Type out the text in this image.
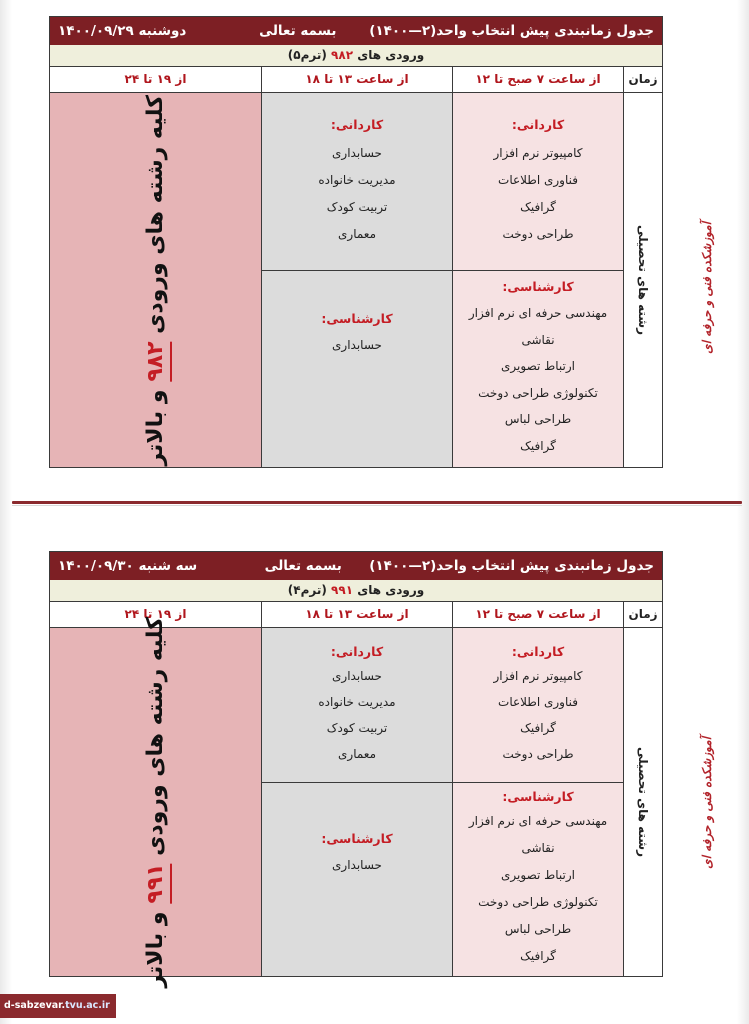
جدول زمانبندی پیش انتخاب واحد(۲—۱۴۰۰)
بسمه تعالی
دوشنبه ۱۴۰۰/۰۹/۲۹
ورودی های ۹۸۲ (ترم۵)
زمان
از ساعت ۷ صبح تا ۱۲
از ساعت ۱۳ تا ۱۸
از ۱۹ تا ۲۴
رشته های تحصیلی
کاردانی:
کامپیوتر نرم افزار
فناوری اطلاعات
گرافیک
طراحی دوخت
کارشناسی:
مهندسی حرفه ای نرم افزار
نقاشی
ارتباط تصویری
تکنولوژی طراحی دوخت
طراحی لباس
گرافیک
کاردانی:
حسابداری
مدیریت خانواده
تربیت کودک
معماری
کارشناسی:
حسابداری
کلیه رشته های ورودی ۹۸۲ و بالاتر
آموزشکده فنی و حرفه ای
جدول زمانبندی پیش انتخاب واحد(۲—۱۴۰۰)
بسمه تعالی
سه شنبه ۱۴۰۰/۰۹/۳۰
ورودی های ۹۹۱ (ترم۴)
زمان
از ساعت ۷ صبح تا ۱۲
از ساعت ۱۳ تا ۱۸
از ۱۹ تا ۲۴
رشته های تحصیلی
کاردانی:
کامپیوتر نرم افزار
فناوری اطلاعات
گرافیک
طراحی دوخت
کارشناسی:
مهندسی حرفه ای نرم افزار
نقاشی
ارتباط تصویری
تکنولوژی طراحی دوخت
طراحی لباس
گرافیک
کاردانی:
حسابداری
مدیریت خانواده
تربیت کودک
معماری
کارشناسی:
حسابداری
کلیه رشته های ورودی ۹۹۱ و بالاتر
آموزشکده فنی و حرفه ای
d-sabzevar.tvu.ac.ir
